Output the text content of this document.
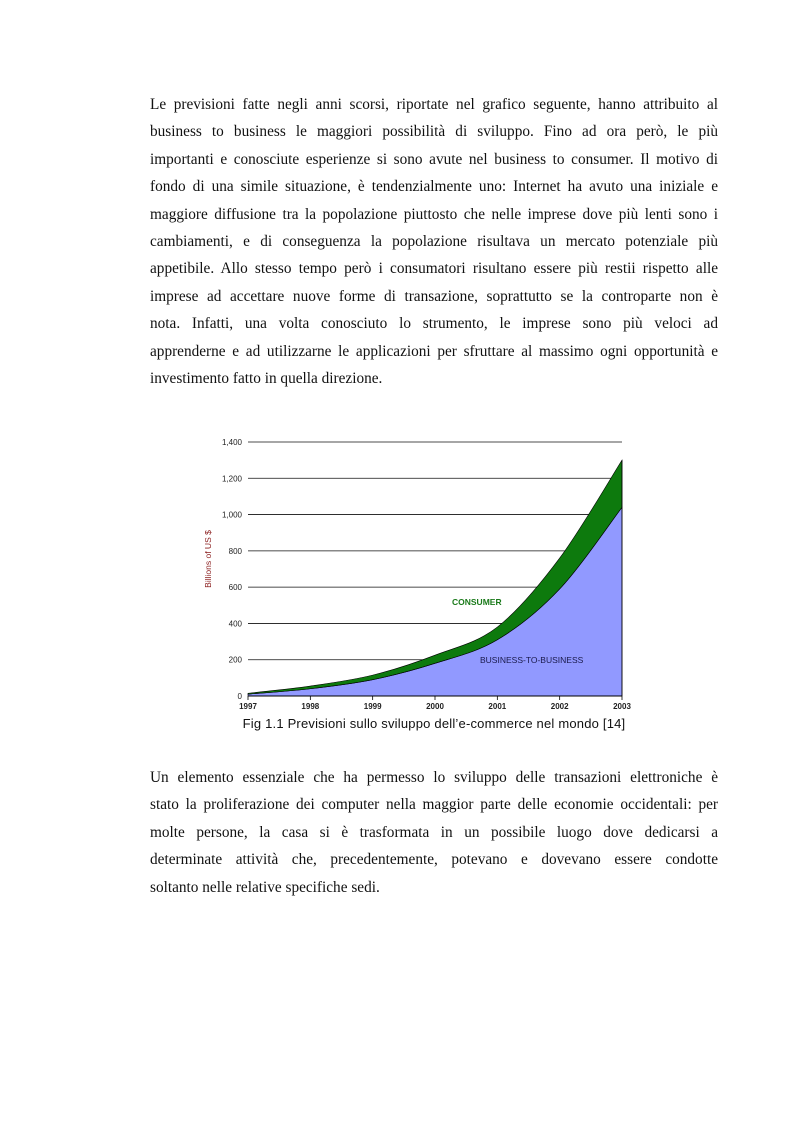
Le previsioni fatte negli anni scorsi, riportate nel grafico seguente, hanno attribuito al
business to business le maggiori possibilità di sviluppo. Fino ad ora però, le più
importanti e conosciute esperienze si sono avute nel business to consumer. Il motivo di
fondo di una simile situazione, è tendenzialmente uno: Internet ha avuto una iniziale e
maggiore diffusione tra la popolazione piuttosto che nelle imprese dove più lenti sono i
cambiamenti, e di conseguenza la popolazione risultava un mercato potenziale più
appetibile. Allo stesso tempo però i consumatori risultano essere più restii rispetto alle
imprese ad accettare nuove forme di transazione, soprattutto se la controparte non è
nota. Infatti, una volta conosciuto lo strumento, le imprese sono più veloci ad
apprenderne e ad utilizzarne le applicazioni per sfruttare al massimo ogni opportunità e
investimento fatto in quella direzione.
0
200
400
600
800
1,000
1,200
1,400
1997	1998	1999	2000	2001	2002	2003
Billions of US $
CONSUMER
BUSINESS-TO-BUSINESS
Fig 1.1 Previsioni sullo sviluppo dell’e-commerce nel mondo [14]
Un elemento essenziale che ha permesso lo sviluppo delle transazioni elettroniche è
stato la proliferazione dei computer nella maggior parte delle economie occidentali: per
molte persone, la casa si è trasformata in un possibile luogo dove dedicarsi a
determinate attività che, precedentemente, potevano e dovevano essere condotte
soltanto nelle relative specifiche sedi.
